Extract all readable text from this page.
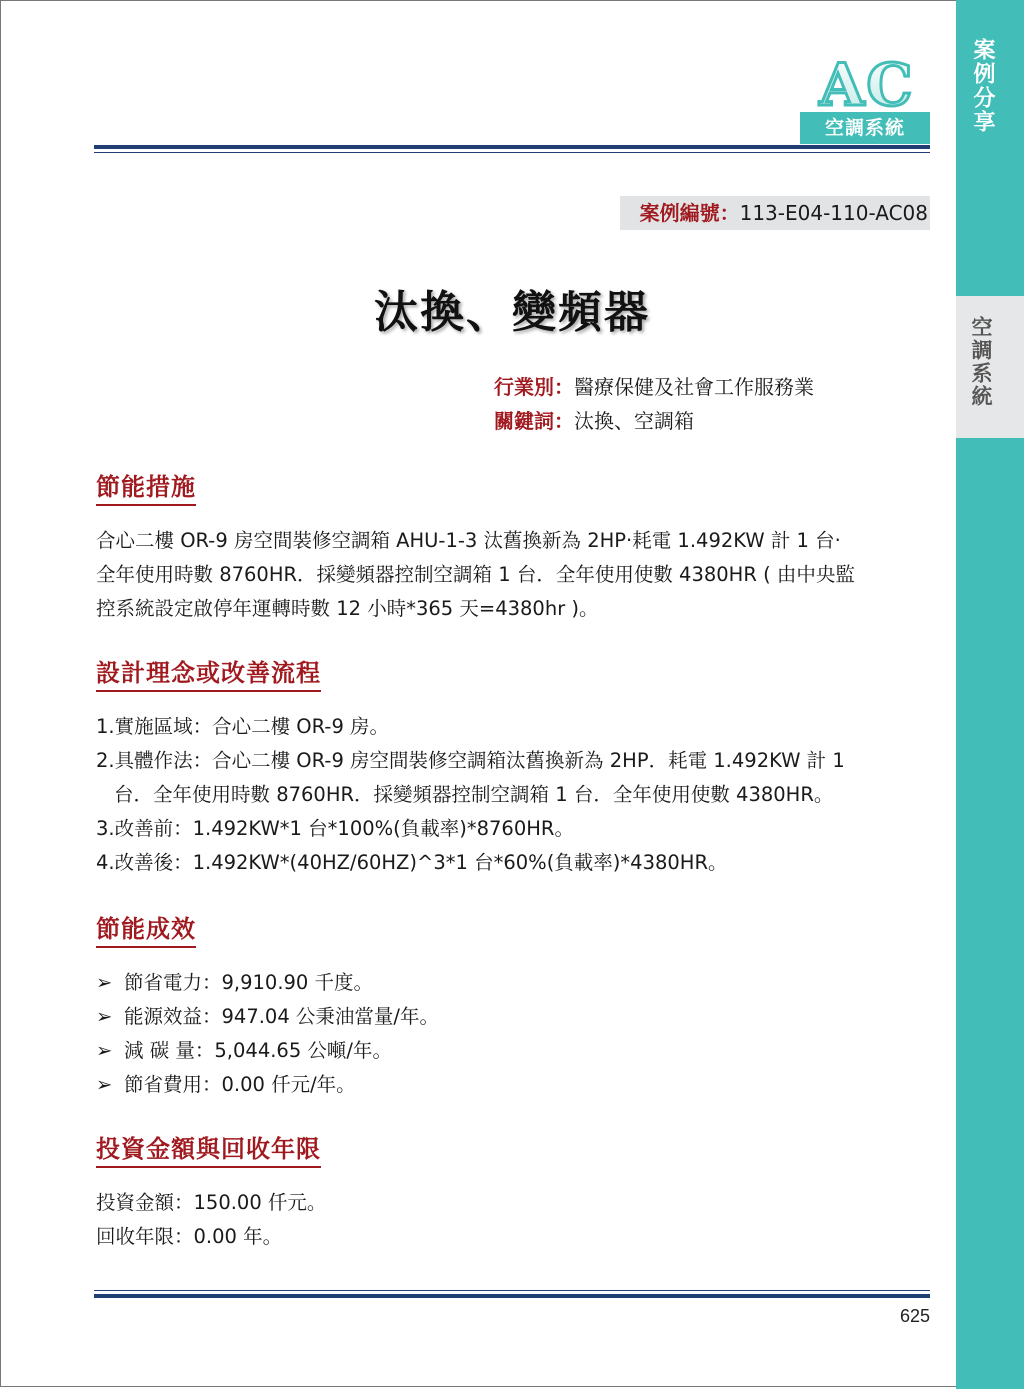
案例分享
空調系統
AC
空調系統
案例編號：113-E04-110-AC08
汰換、變頻器
行業別：醫療保健及社會工作服務業
關鍵詞：汰換、空調箱
節能措施
合心二樓 OR-9 房空間裝修空調箱 AHU-1-3 汰舊換新為 2HP‧耗電 1.492KW 計 1 台‧
全年使用時數 8760HR．採變頻器控制空調箱 1 台．全年使用使數 4380HR ( 由中央監
控系統設定啟停年運轉時數 12 小時*365 天=4380hr )。
設計理念或改善流程
1.實施區域：合心二樓 OR-9 房。
2.具體作法：合心二樓 OR-9 房空間裝修空調箱汰舊換新為 2HP．耗電 1.492KW 計 1
台．全年使用時數 8760HR．採變頻器控制空調箱 1 台．全年使用使數 4380HR。
3.改善前：1.492KW*1 台*100%(負載率)*8760HR。
4.改善後：1.492KW*(40HZ/60HZ)^3*1 台*60%(負載率)*4380HR。
節能成效
➢ 節省電力：9,910.90 千度。
➢ 能源效益：947.04 公秉油當量/年。
➢ 減 碳 量：5,044.65 公噸/年。
➢ 節省費用：0.00 仟元/年。
投資金額與回收年限
投資金額：150.00 仟元。
回收年限：0.00 年。
625
